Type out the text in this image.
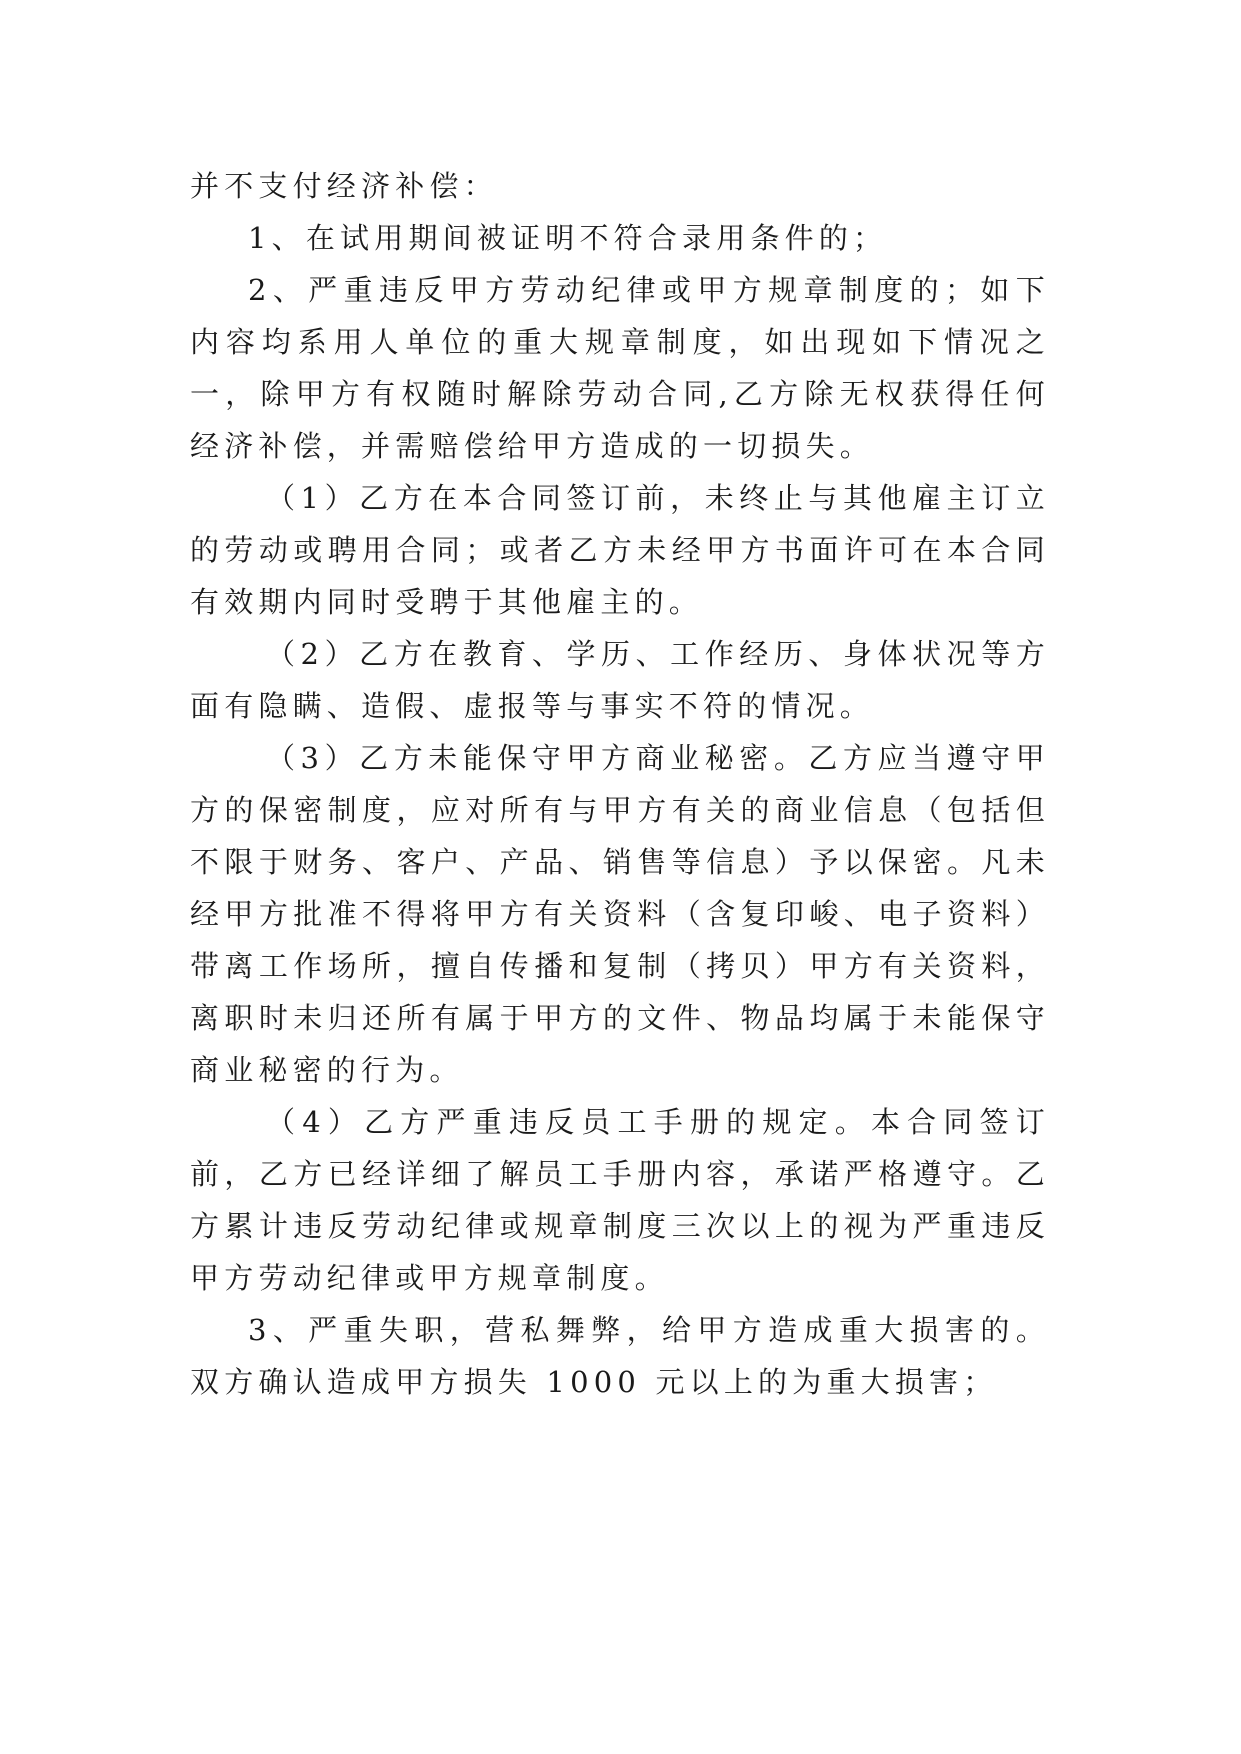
并不支付经济补偿：

1、在试用期间被证明不符合录用条件的；

2、严重违反甲方劳动纪律或甲方规章制度的；如下内容均系用人单位的重大规章制度，如出现如下情况之一，除甲方有权随时解除劳动合同,乙方除无权获得任何经济补偿，并需赔偿给甲方造成的一切损失。

（1）乙方在本合同签订前，未终止与其他雇主订立的劳动或聘用合同；或者乙方未经甲方书面许可在本合同有效期内同时受聘于其他雇主的。

（2）乙方在教育、学历、工作经历、身体状况等方面有隐瞒、造假、虚报等与事实不符的情况。

（3）乙方未能保守甲方商业秘密。乙方应当遵守甲方的保密制度，应对所有与甲方有关的商业信息（包括但不限于财务、客户、产品、销售等信息）予以保密。凡未经甲方批准不得将甲方有关资料（含复印峻、电子资料）带离工作场所，擅自传播和复制（拷贝）甲方有关资料，离职时未归还所有属于甲方的文件、物品均属于未能保守商业秘密的行为。

（4）乙方严重违反员工手册的规定。本合同签订前，乙方已经详细了解员工手册内容，承诺严格遵守。乙方累计违反劳动纪律或规章制度三次以上的视为严重违反甲方劳动纪律或甲方规章制度。

3、严重失职，营私舞弊，给甲方造成重大损害的。双方确认造成甲方损失 1000 元以上的为重大损害；
